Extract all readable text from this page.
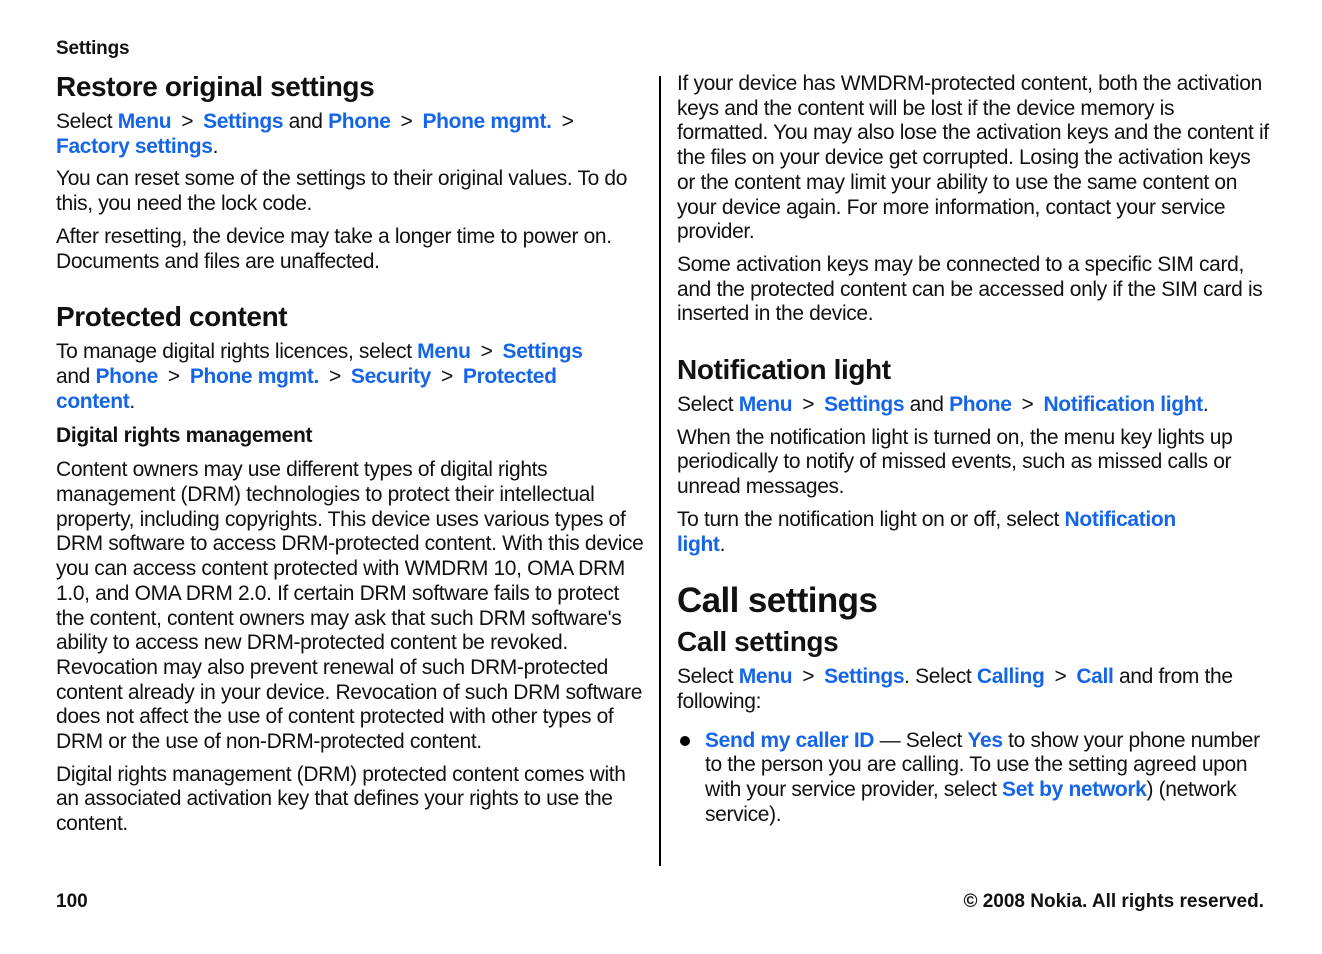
Settings
Restore original settings

Select Menu > Settings and Phone > Phone mgmt. >
Factory settings.

You can reset some of the settings to their original values. To do this, you need the lock code.

After resetting, the device may take a longer time to power on. Documents and files are unaffected.

Protected content

To manage digital rights licences, select Menu > Settings
and Phone > Phone mgmt. > Security > Protected
content.

Digital rights management

Content owners may use different types of digital rights management (DRM) technologies to protect their intellectual property, including copyrights. This device uses various types of DRM software to access DRM-protected content. With this device you can access content protected with WMDRM 10, OMA DRM 1.0, and OMA DRM 2.0. If certain DRM software fails to protect the content, content owners may ask that such DRM software's ability to access new DRM-protected content be revoked. Revocation may also prevent renewal of such DRM-protected content already in your device. Revocation of such DRM software does not affect the use of content protected with other types of DRM or the use of non-DRM-protected content.

Digital rights management (DRM) protected content comes with an associated activation key that defines your rights to use the content.

If your device has WMDRM-protected content, both the activation keys and the content will be lost if the device memory is formatted. You may also lose the activation keys and the content if the files on your device get corrupted. Losing the activation keys or the content may limit your ability to use the same content on your device again. For more information, contact your service provider.

Some activation keys may be connected to a specific SIM card, and the protected content can be accessed only if the SIM card is inserted in the device.

Notification light

Select Menu > Settings and Phone > Notification light.

When the notification light is turned on, the menu key lights up periodically to notify of missed events, such as missed calls or unread messages.

To turn the notification light on or off, select Notification
light.

Call settings
Call settings

Select Menu > Settings. Select Calling > Call and from the following:

Send my caller ID — Select Yes to show your phone number to the person you are calling. To use the setting agreed upon with your service provider, select Set by network) (network service).
100	© 2008 Nokia. All rights reserved.
